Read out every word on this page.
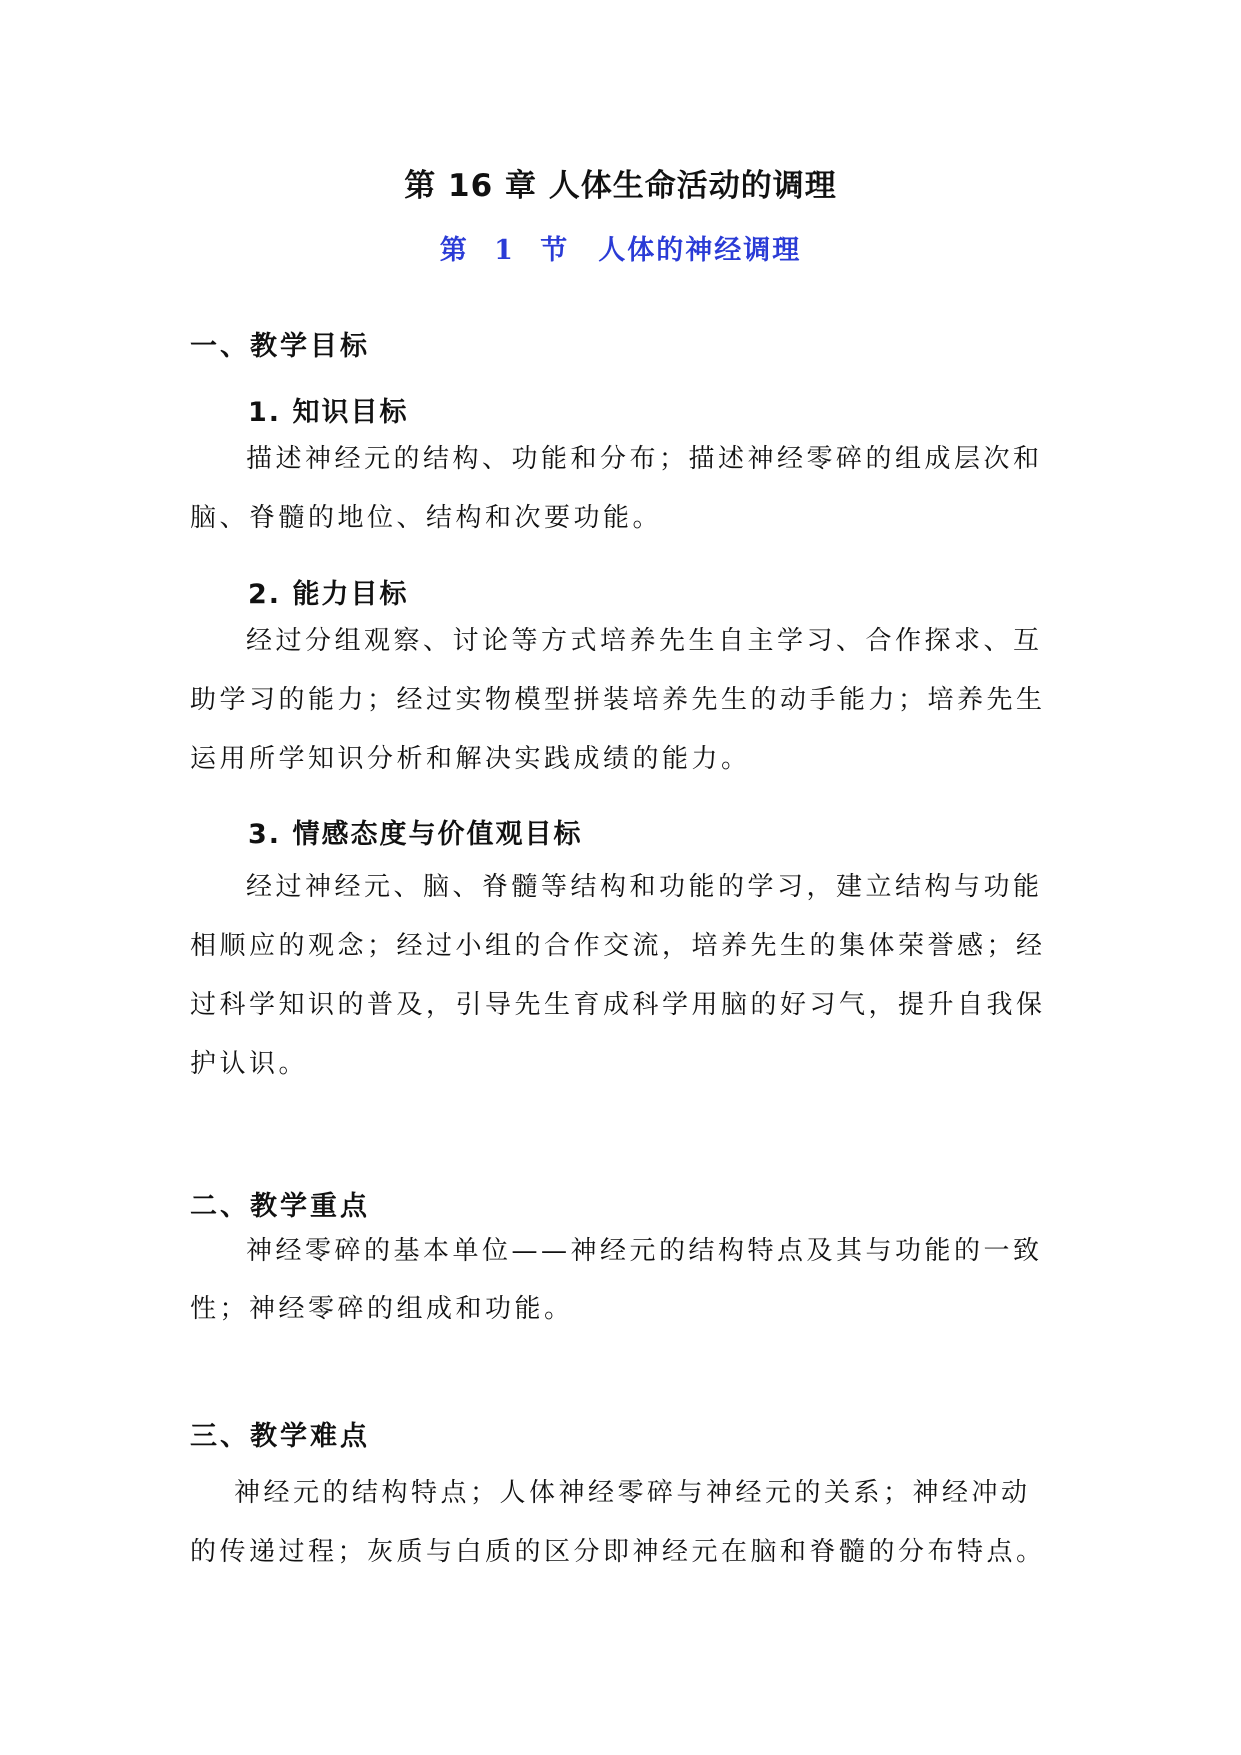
第 16 章 人体生命活动的调理
第 1 节　人体的神经调理
一、教学目标
1. 知识目标

描述神经元的结构、功能和分布；描述神经零碎的组成层次和脑、脊髓的地位、结构和次要功能。

2. 能力目标

经过分组观察、讨论等方式培养先生自主学习、合作探求、互助学习的能力；经过实物模型拼装培养先生的动手能力；培养先生运用所学知识分析和解决实践成绩的能力。

3. 情感态度与价值观目标

经过神经元、脑、脊髓等结构和功能的学习，建立结构与功能相顺应的观念；经过小组的合作交流，培养先生的集体荣誉感；经过科学知识的普及，引导先生育成科学用脑的好习气，提升自我保护认识。

二、教学重点

神经零碎的基本单位——神经元的结构特点及其与功能的一致性；神经零碎的组成和功能。

三、教学难点

神经元的结构特点；人体神经零碎与神经元的关系；神经冲动的传递过程；灰质与白质的区分即神经元在脑和脊髓的分布特点。
